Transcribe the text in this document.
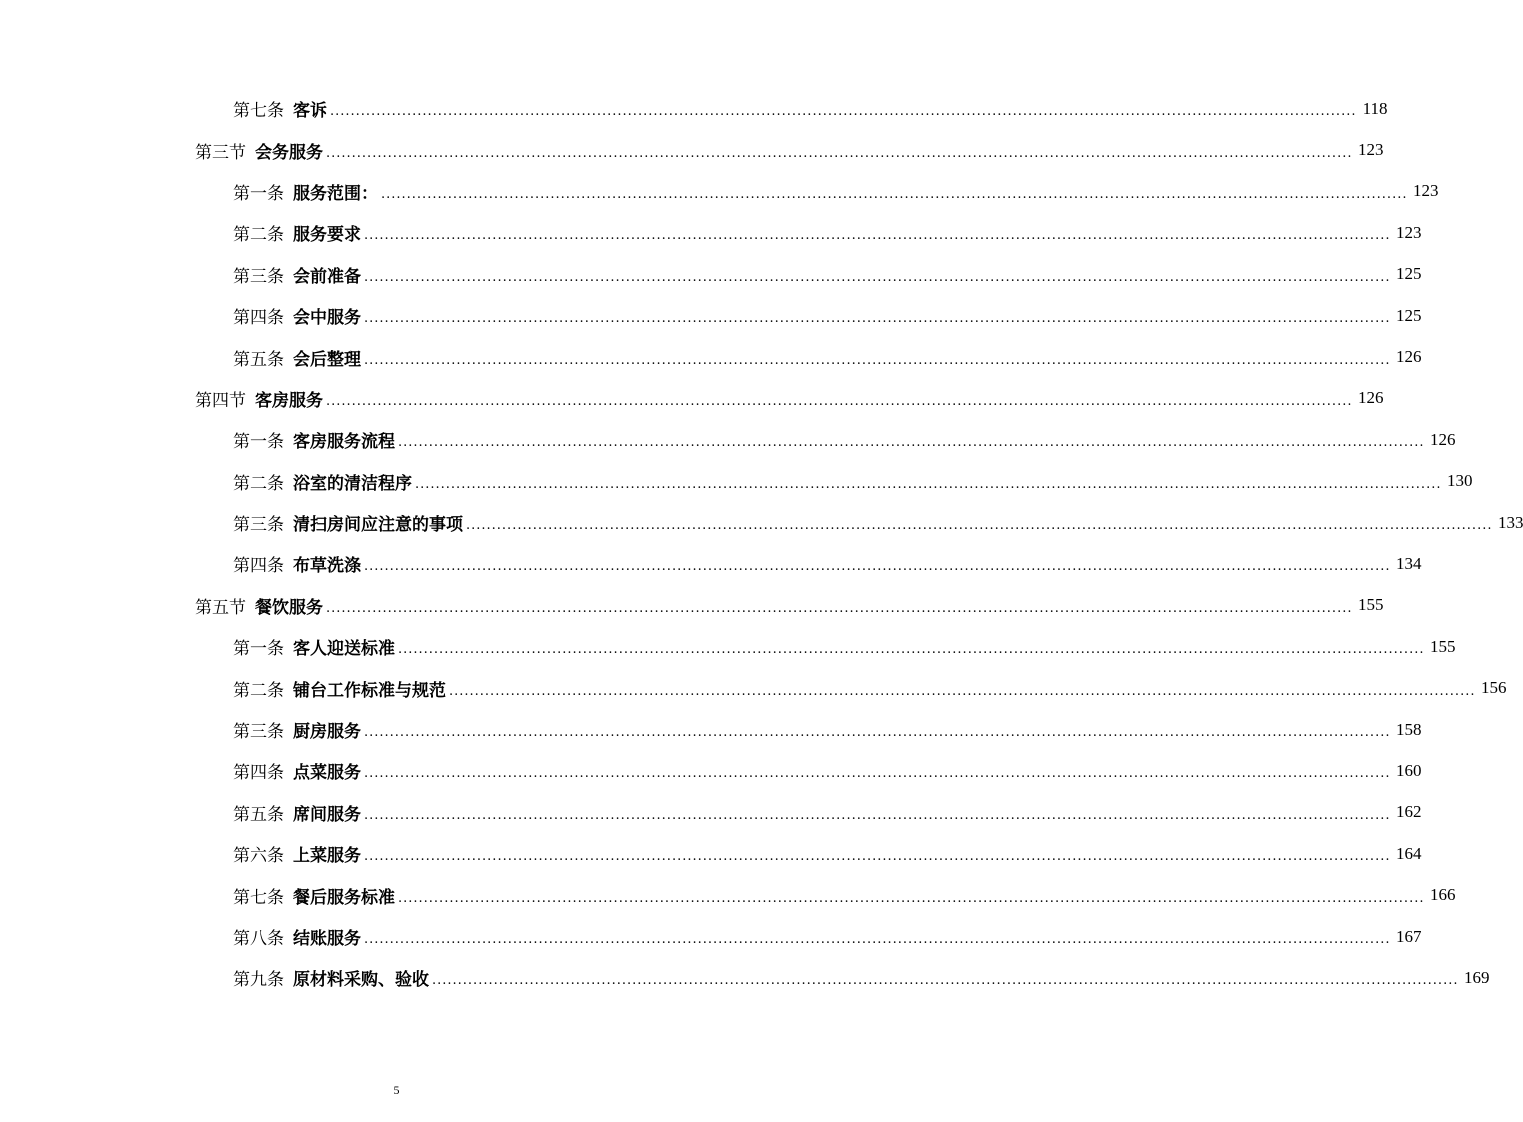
第七条 客诉 ........................................................................................................................................................................................................ 118
第三节 会务服务 ........................................................................................................................................................................................................ 123
第一条 服务范围： ........................................................................................................................................................................................................ 123
第二条 服务要求 ........................................................................................................................................................................................................ 123
第三条 会前准备 ........................................................................................................................................................................................................ 125
第四条 会中服务 ........................................................................................................................................................................................................ 125
第五条 会后整理 ........................................................................................................................................................................................................ 126
第四节 客房服务 ........................................................................................................................................................................................................ 126
第一条 客房服务流程 ........................................................................................................................................................................................................ 126
第二条 浴室的清洁程序 ........................................................................................................................................................................................................ 130
第三条 清扫房间应注意的事项 ........................................................................................................................................................................................................ 133
第四条 布草洗涤 ........................................................................................................................................................................................................ 134
第五节 餐饮服务 ........................................................................................................................................................................................................ 155
第一条 客人迎送标准 ........................................................................................................................................................................................................ 155
第二条 铺台工作标准与规范 ........................................................................................................................................................................................................ 156
第三条 厨房服务 ........................................................................................................................................................................................................ 158
第四条 点菜服务 ........................................................................................................................................................................................................ 160
第五条 席间服务 ........................................................................................................................................................................................................ 162
第六条 上菜服务 ........................................................................................................................................................................................................ 164
第七条 餐后服务标准 ........................................................................................................................................................................................................ 166
第八条 结账服务 ........................................................................................................................................................................................................ 167
第九条 原材料采购、验收 ........................................................................................................................................................................................................ 169
5
